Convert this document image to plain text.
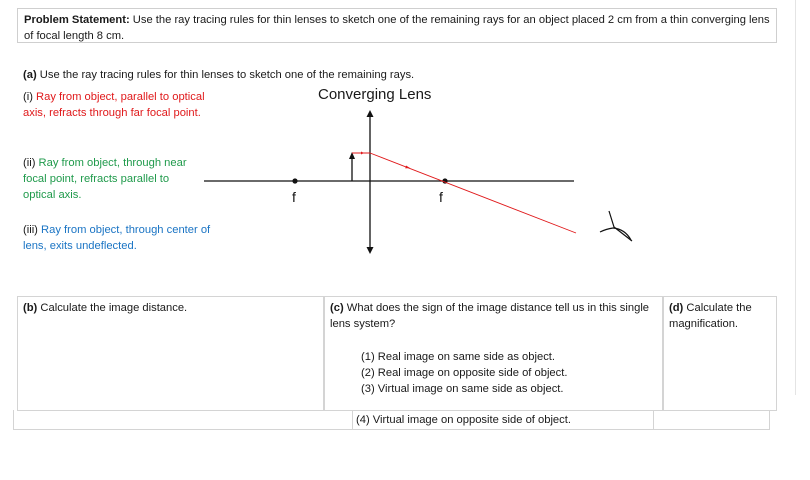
Problem Statement: Use the ray tracing rules for thin lenses to sketch one of the remaining rays for an object placed 2 cm from a thin converging lens of focal length 8 cm.
(a) Use the ray tracing rules for thin lenses to sketch one of the remaining rays.
(i) Ray from object, parallel to optical axis, refracts through far focal point.
(ii) Ray from object, through near focal point, refracts parallel to optical axis.
(iii) Ray from object, through center of lens, exits undeflected.
Converging Lens
f	f
(b) Calculate the image distance.	(c) What does the sign of the image distance tell us in this single lens system?
(d) Calculate the magnification.
(1) Real image on same side as object.
(2) Real image on opposite side of object.
(3) Virtual image on same side as object.
(4) Virtual image on opposite side of object.
